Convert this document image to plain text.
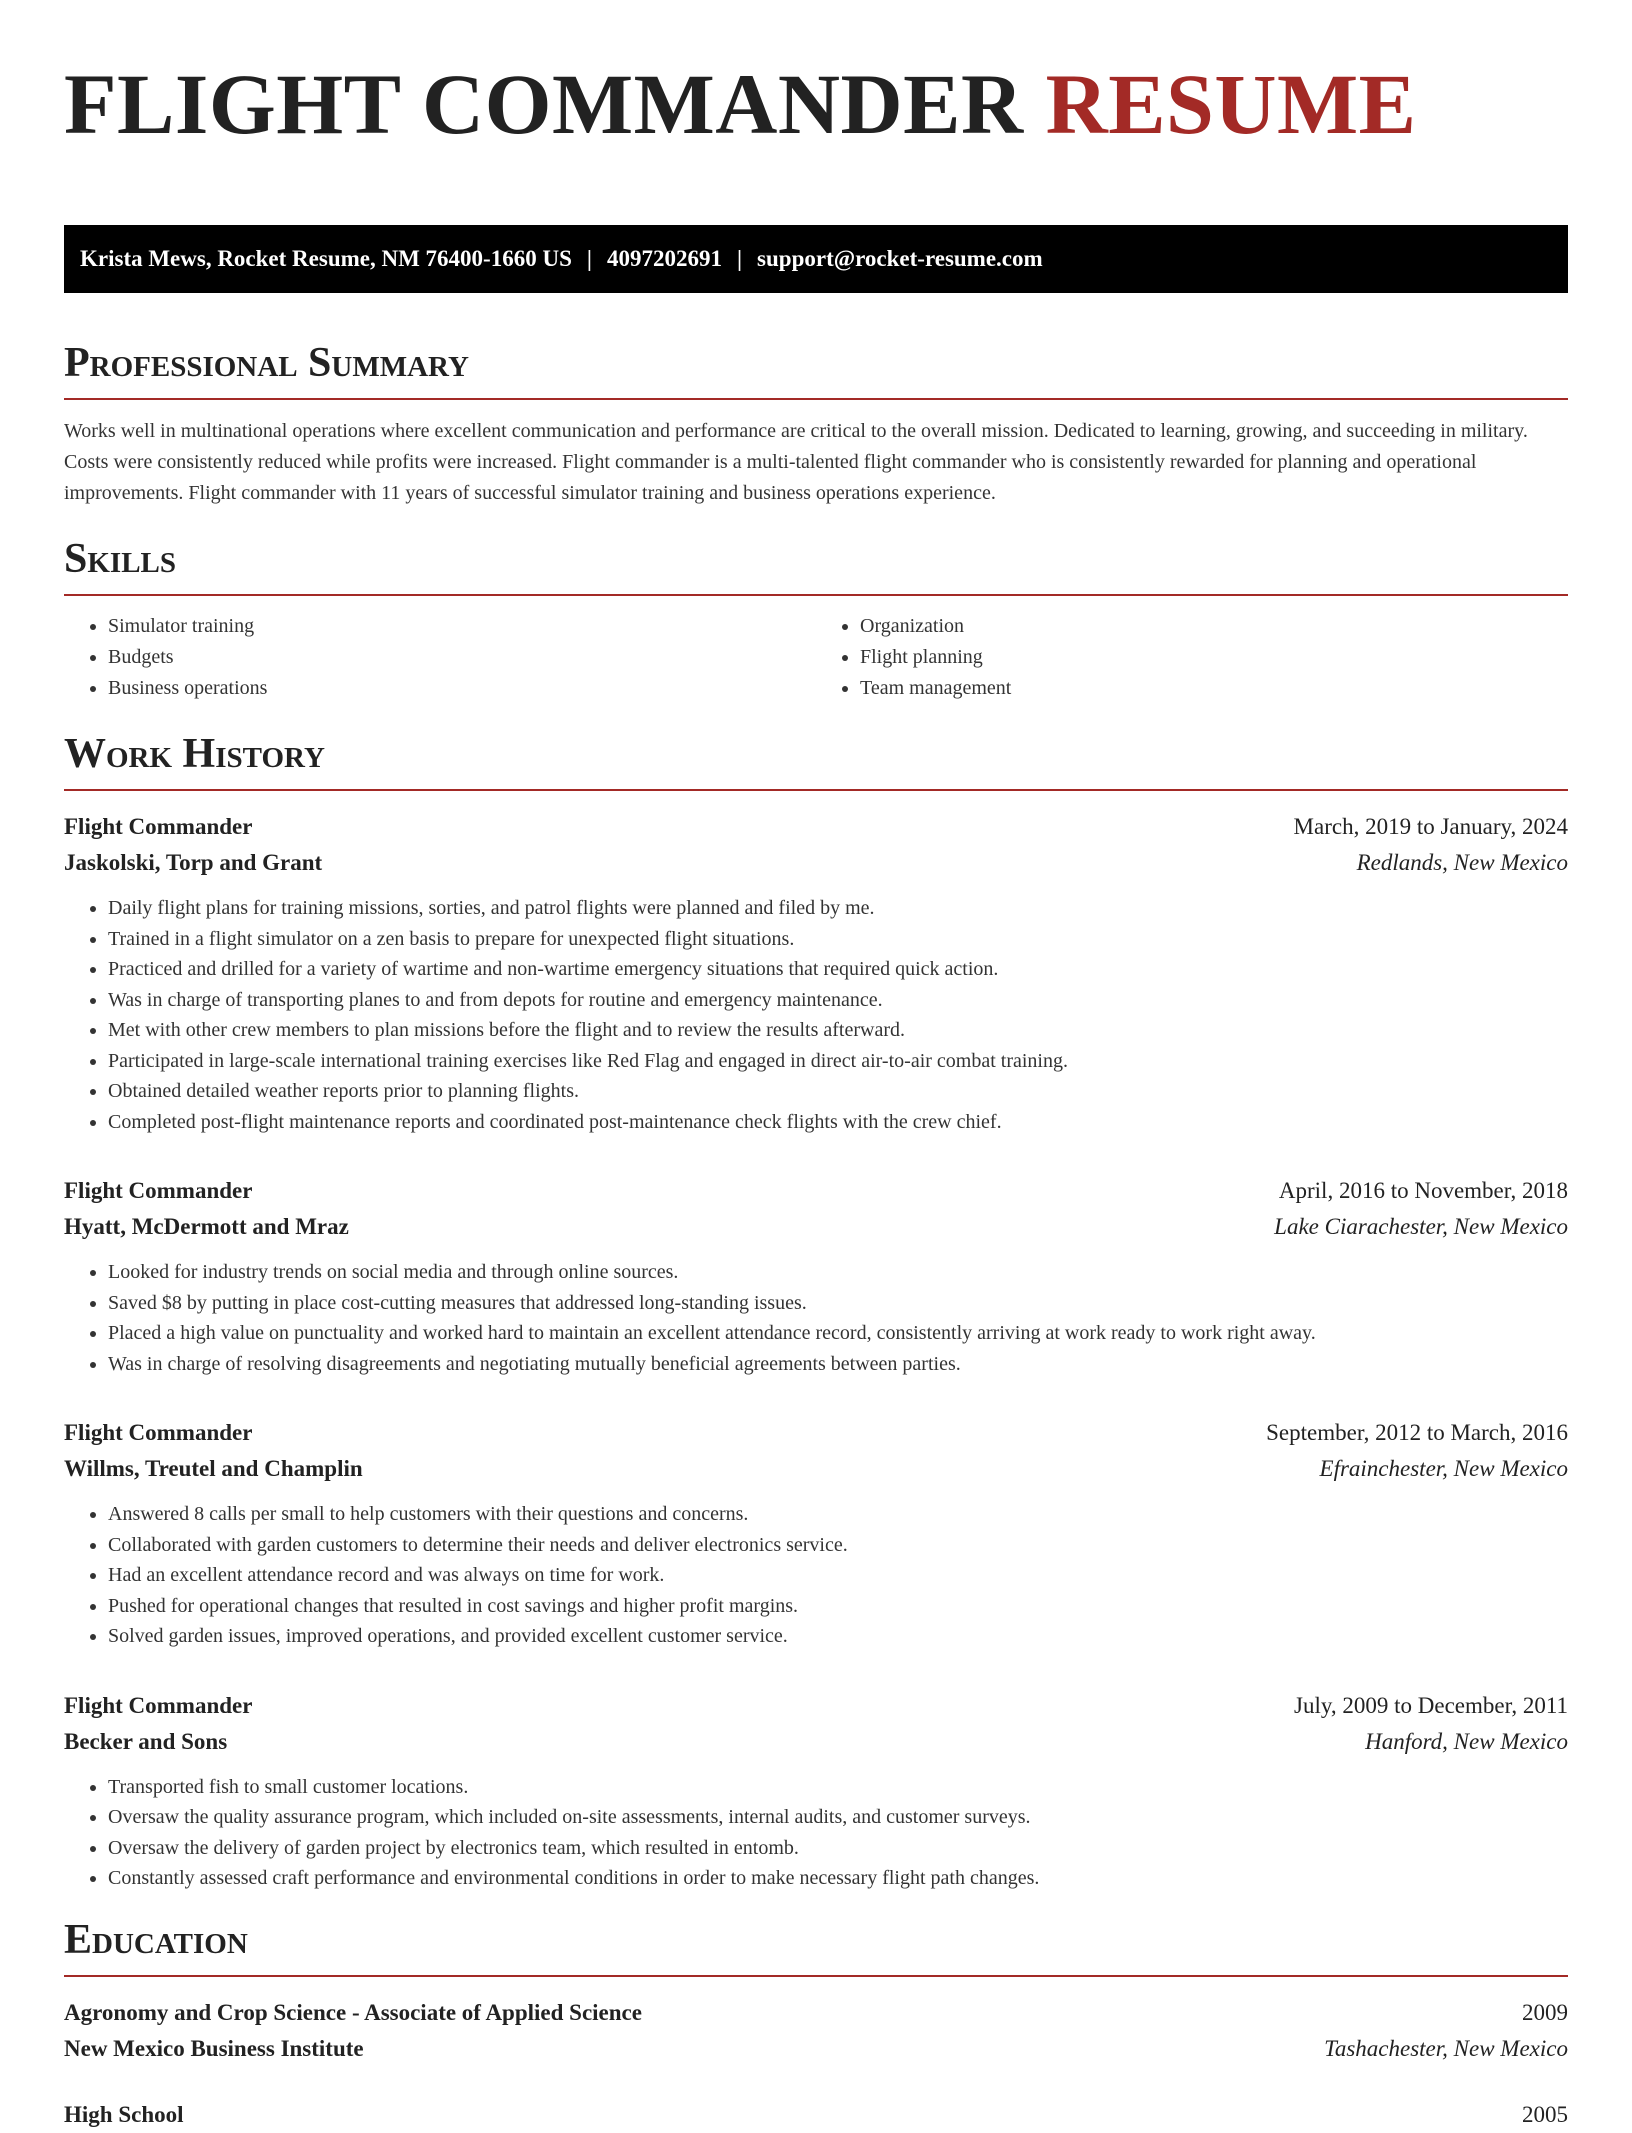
FLIGHT COMMANDER RESUME
Krista Mews, Rocket Resume, NM 76400-1660 US | 4097202691 | support@rocket-resume.com
Professional Summary

Works well in multinational operations where excellent communication and performance are critical to the overall mission. Dedicated to learning, growing, and succeeding in military. Costs were consistently reduced while profits were increased. Flight commander is a multi-talented flight commander who is consistently rewarded for planning and operational improvements. Flight commander with 11 years of successful simulator training and business operations experience.

Skills
• Simulator training
• Budgets
• Business operations
• Organization
• Flight planning
• Team management
Work History
Flight Commander	March, 2019 to January, 2024
Jaskolski, Torp and Grant	Redlands, New Mexico
• Daily flight plans for training missions, sorties, and patrol flights were planned and filed by me.
• Trained in a flight simulator on a zen basis to prepare for unexpected flight situations.
• Practiced and drilled for a variety of wartime and non-wartime emergency situations that required quick action.
• Was in charge of transporting planes to and from depots for routine and emergency maintenance.
• Met with other crew members to plan missions before the flight and to review the results afterward.
• Participated in large-scale international training exercises like Red Flag and engaged in direct air-to-air combat training.
• Obtained detailed weather reports prior to planning flights.
• Completed post-flight maintenance reports and coordinated post-maintenance check flights with the crew chief.
Flight Commander	April, 2016 to November, 2018
Hyatt, McDermott and Mraz	Lake Ciarachester, New Mexico
• Looked for industry trends on social media and through online sources.
• Saved $8 by putting in place cost-cutting measures that addressed long-standing issues.
• Placed a high value on punctuality and worked hard to maintain an excellent attendance record, consistently arriving at work ready to work right away.
• Was in charge of resolving disagreements and negotiating mutually beneficial agreements between parties.
Flight Commander	September, 2012 to March, 2016
Willms, Treutel and Champlin	Efrainchester, New Mexico
• Answered 8 calls per small to help customers with their questions and concerns.
• Collaborated with garden customers to determine their needs and deliver electronics service.
• Had an excellent attendance record and was always on time for work.
• Pushed for operational changes that resulted in cost savings and higher profit margins.
• Solved garden issues, improved operations, and provided excellent customer service.
Flight Commander	July, 2009 to December, 2011
Becker and Sons	Hanford, New Mexico
• Transported fish to small customer locations.
• Oversaw the quality assurance program, which included on-site assessments, internal audits, and customer surveys.
• Oversaw the delivery of garden project by electronics team, which resulted in entomb.
• Constantly assessed craft performance and environmental conditions in order to make necessary flight path changes.
Education
Agronomy and Crop Science - Associate of Applied Science	2009
New Mexico Business Institute	Tashachester, New Mexico
High School	2005
